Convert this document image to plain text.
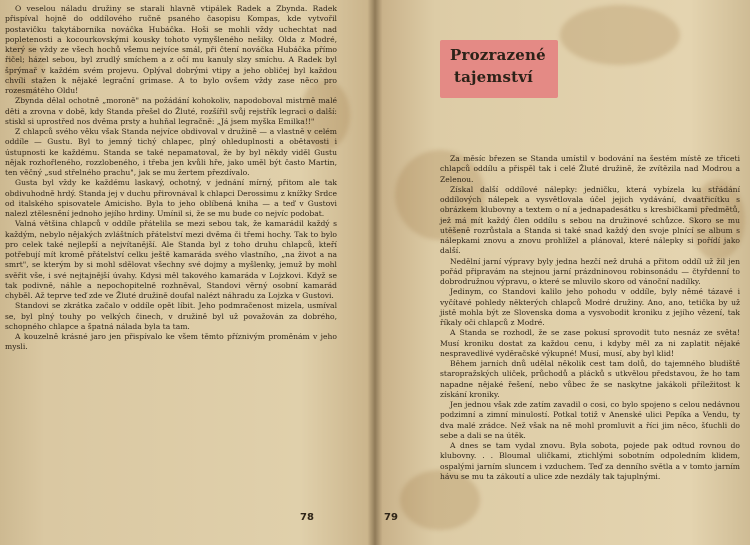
O veselou náladu družiny se starali hlavně vtipálek Radek a Zbynda. Radek přispíval hojně do oddílového ručně psaného časopisu Kompas, kde vytvořil postavičku takytábornika nováčka Hubáčka. Hoši se mohli vždy uchechtat nad popletenosti a kocourkovskými kousky tohoto vymyšleného nešiky. Olda z Modré, který se vždy ze všech hochů všemu nejvíce smál, při čtení nováčka Hubáčka přímo řičel; házel sebou, byl zrudlý smíchem a z očí mu kanuly slzy smíchu. A Radek byl šprýmař v každém svém projevu. Oplýval dobrými vtipy a jeho obličej byl každou chvíli stažen k nějaké legrační grimase. A to bylo ovšem vždy zase něco pro rozesmátého Oldu!

Zbynda dělal ochotně „moroně" na požádání kohokoliv, napodoboval mistrně malé děti a zrovna v době, kdy Standa přešel do Žluté, rozšířil svůj rejstřík legraci o další: stiskl si uprostřed nos dvěma prsty a huhňal legračně: „Já jsem myška Emilka!!"

Z chlapců svého věku však Standa nejvíce obdivoval v družině — a vlastně v celém oddíle — Gustu. Byl to jemný tichý chlapec, plný ohleduplnosti a obětavosti i ústupnosti ke každému. Standa se také nepamatoval, že by byl někdy viděl Gustu nějak rozhořleného, rozzlobeného, i třeba jen kvůli hře, jako uměl být často Martin, ten věčný „sud střelného prachu", jak se mu žertem přezdívalo.

Gusta byl vždy ke každému laskavý, ochotný, v jednání mírný, přitom ale tak obdivuhodně hrdý. Standa jej v duchu přirovnával k chlapci Derossimu z knížky Srdce od italského spisovatele Amicisho. Byla to jeho oblíbená kniha — a teď v Gustovi nalezl ztělesnění jednoho jejího hrdiny. Umínil si, že se mu bude co nejvíc podobat.

Valná většina chlapců v oddíle přátelila se mezi sebou tak, že kamarádil každý s každým, nebylo nějakých zvláštních přátelství mezi dvěma či třemi hochy. Tak to bylo pro celek také nejlepší a nejvítanější. Ale Standa byl z toho druhu chlapců, kteří potřebují mít kromě přátelství celku ještě kamaráda svého vlastního, „na život a na smrt", se kterým by si mohl sdělovat všechny své dojmy a myšlenky, jemuž by mohl svěřit vše, i své nejtajnější úvahy. Kdysi měl takového kamaráda v Lojzkovi. Když se tak podivně, náhle a nepochopitelně rozhněval, Standovi věrný osobní kamarád chyběl. Až teprve teď zde ve Žluté družině doufal nalézt náhradu za Lojzka v Gustovi.

Standovi se zkrátka začalo v oddíle opět líbit. Jeho podmračenost mizela, usmíval se, byl plný touhy po velkých činech, v družině byl už považován za dobrého, schopného chlapce a špatná nálada byla ta tam.

A kouzelně krásné jaro jen přispívalo ke všem těmto příznivým proměnám v jeho mysli.

78
Prozrazené
tajemství

Za měsíc březen se Standa umístil v bodování na šestém místě ze třiceti chlapců oddílu a přispěl tak i celé Žluté družině, že zvítězila nad Modrou a Zelenou.

Získal další oddílové nálepky: jedničku, která vybízela ku střádání oddílových nálepek a vysvětlovala účel jejich vydávání, dvaatřicítku s obrázkem klubovny a textem o ní a jednapadesátku s kresbičkami předmětů, jež má mít každý člen oddílu s sebou na družinové schůzce. Skoro se mu utěšeně rozrůstala a Standa si také snad každý den svoje plnící se album s nálepkami znovu a znovu prohlížel a plánoval, které nálepky si pořídí jako další.

Nedělní jarní výpravy byly jedna hezčí než druhá a přitom oddíl už žil jen pořád připravám na stejnou jarní prázdninovou robinsonádu — čtyřdenní to dobrodružnou výpravu, o které se mluvilo skoro od vánoční nadílky.

Jedinym, co Standovi kalilo jeho pohodu v oddíle, byly němé tázavé i vyčítavé pohledy některých chlapců Modré družiny. Ano, ano, tetička by už jistě mohla být ze Slovenska doma a vysvobodit kroniku z jejího vězení, tak říkaly oči chlapců z Modré.

A Standa se rozhodl, že se zase pokusí sprovodit tuto nesnáz ze světa! Musí kroniku dostat za každou cenu, i kdyby měl za ni zaplatit nějaké nespravedlivé vyděračské výkupné! Musí, musí, aby byl klid!

Během jarních dnů udělal několik cest tam dolů, do tajemného bludiště staropražských uliček, průchodů a plácků s utkvělou představou, že ho tam napadne nějaké řešení, nebo vůbec že se naskytne jakákoli příležitost k získání kroniky.

Jen jednou však zde zatím zavadil o cosi, co bylo spojeno s celou nedávnou podzimní a zimní minulostí. Potkal totiž v Anenské ulici Pepíka a Vendu, ty dva malé zrádce. Než však na ně mohl promluvit a říci jim něco, šťuchli do sebe a dali se na útěk.

A dnes se tam vydal znovu. Byla sobota, pojede pak odtud rovnou do klubovny. . . Bloumal uličkami, ztichlými sobotním odpoledním klidem, ospalými jarním sluncem i vzduchem. Teď za denního světla a v tomto jarním hávu se mu ta zákoutí a ulice zde nezdály tak tajuplnými.

79
